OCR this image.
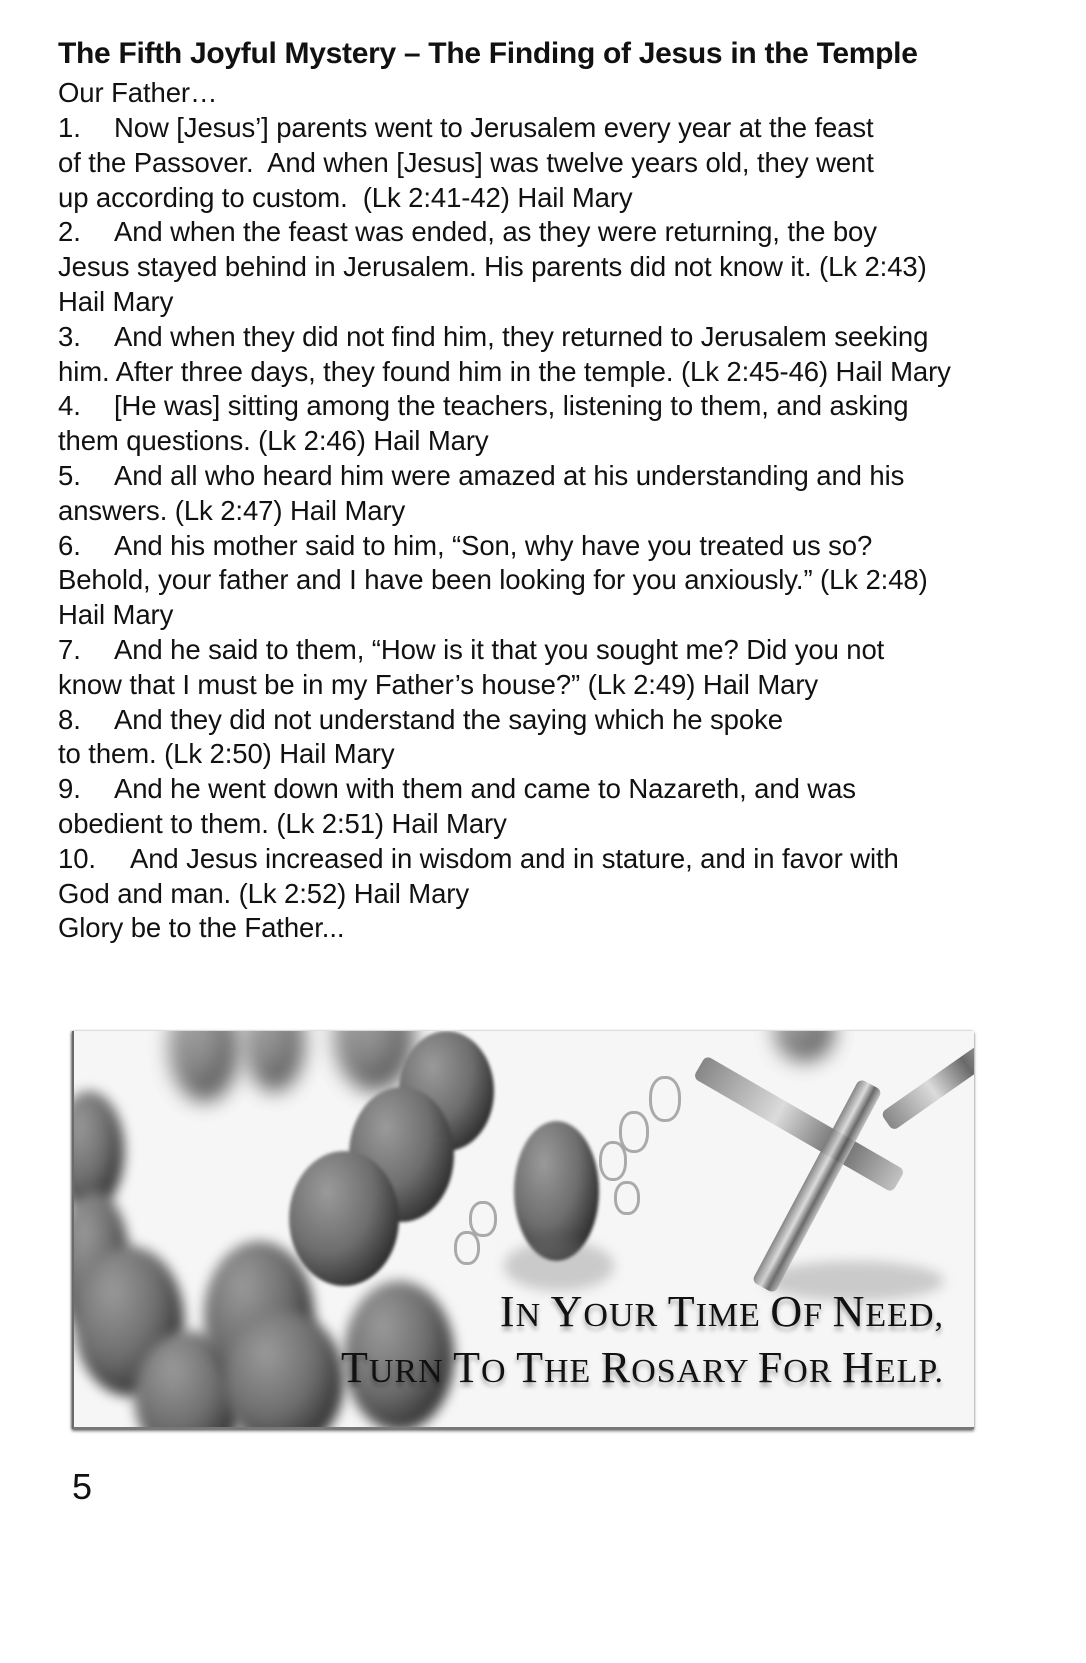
The Fifth Joyful Mystery – The Finding of Jesus in the Temple
Our Father…
1. Now [Jesus’] parents went to Jerusalem every year at the feast
of the Passover.  And when [Jesus] was twelve years old, they went
up according to custom.  (Lk 2:41-42) Hail Mary
2. And when the feast was ended, as they were returning, the boy
Jesus stayed behind in Jerusalem. His parents did not know it. (Lk 2:43)
Hail Mary
3. And when they did not find him, they returned to Jerusalem seeking
him. After three days, they found him in the temple. (Lk 2:45-46) Hail Mary
4. [He was] sitting among the teachers, listening to them, and asking
them questions. (Lk 2:46) Hail Mary
5. And all who heard him were amazed at his understanding and his
answers. (Lk 2:47) Hail Mary
6. And his mother said to him, “Son, why have you treated us so?
Behold, your father and I have been looking for you anxiously.” (Lk 2:48)
Hail Mary
7. And he said to them, “How is it that you sought me? Did you not
know that I must be in my Father’s house?” (Lk 2:49) Hail Mary
8. And they did not understand the saying which he spoke
to them. (Lk 2:50) Hail Mary
9. And he went down with them and came to Nazareth, and was
obedient to them. (Lk 2:51) Hail Mary
10. And Jesus increased in wisdom and in stature, and in favor with
God and man. (Lk 2:52) Hail Mary
Glory be to the Father...
IN YOUR TIME OF NEED,
TURN TO THE ROSARY FOR HELP.
5
